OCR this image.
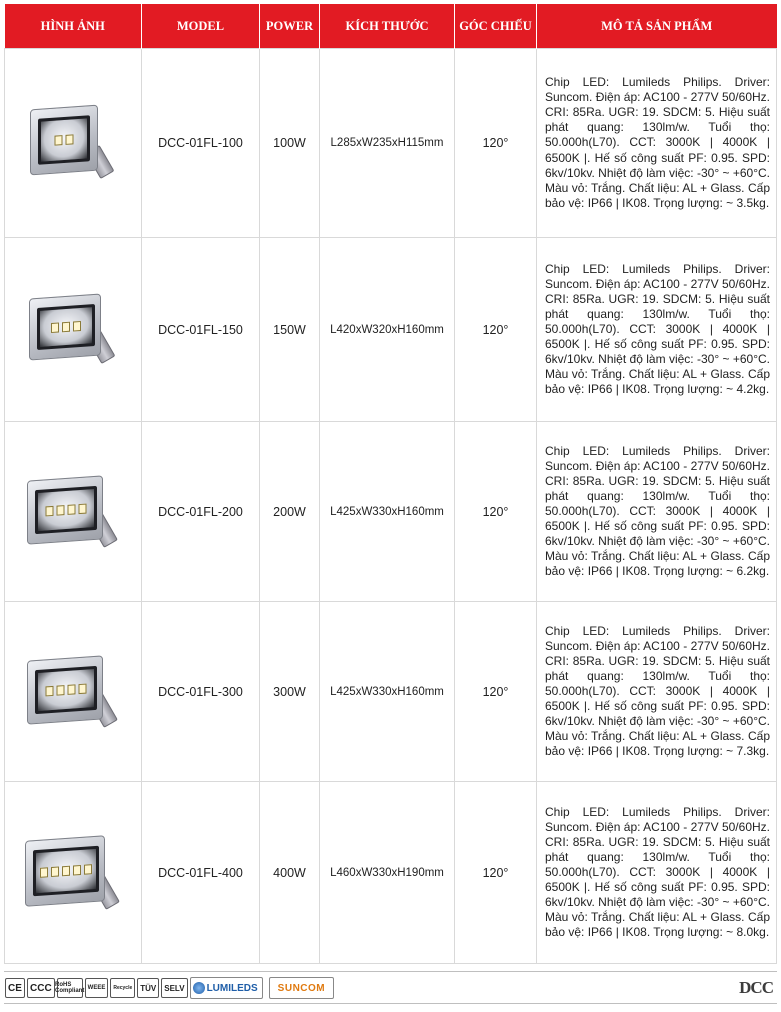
HÌNH ẢNH	MODEL	POWER	KÍCH THƯỚC	GÓC CHIẾU	MÔ TẢ SẢN PHẨM

	DCC-01FL-100	100W	L285xW235xH115mm	120°	Chip LED: Lumileds Philips. Driver: Suncom. Điện áp: AC100 - 277V 50/60Hz. CRI: 85Ra. UGR: 19. SDCM: 5. Hiệu suất phát quang: 130lm/w. Tuổi thọ: 50.000h(L70). CCT: 3000K | 4000K | 6500K |. Hế số công suất PF: 0.95. SPD: 6kv/10kv. Nhiệt độ làm việc: -30° ~ +60°C. Màu vỏ: Trắng. Chất liệu: AL + Glass. Cấp bảo vệ: IP66 | IK08. Trọng lượng: ~ 3.5kg.

	DCC-01FL-150	150W	L420xW320xH160mm	120°	Chip LED: Lumileds Philips. Driver: Suncom. Điện áp: AC100 - 277V 50/60Hz. CRI: 85Ra. UGR: 19. SDCM: 5. Hiệu suất phát quang: 130lm/w. Tuổi thọ: 50.000h(L70). CCT: 3000K | 4000K | 6500K |. Hế số công suất PF: 0.95. SPD: 6kv/10kv. Nhiệt độ làm việc: -30° ~ +60°C. Màu vỏ: Trắng. Chất liệu: AL + Glass. Cấp bảo vệ: IP66 | IK08. Trọng lượng: ~ 4.2kg.

	DCC-01FL-200	200W	L425xW330xH160mm	120°	Chip LED: Lumileds Philips. Driver: Suncom. Điện áp: AC100 - 277V 50/60Hz. CRI: 85Ra. UGR: 19. SDCM: 5. Hiệu suất phát quang: 130lm/w. Tuổi thọ: 50.000h(L70). CCT: 3000K | 4000K | 6500K |. Hế số công suất PF: 0.95. SPD: 6kv/10kv. Nhiệt độ làm việc: -30° ~ +60°C. Màu vỏ: Trắng. Chất liệu: AL + Glass. Cấp bảo vệ: IP66 | IK08. Trọng lượng: ~ 6.2kg.

	DCC-01FL-300	300W	L425xW330xH160mm	120°	Chip LED: Lumileds Philips. Driver: Suncom. Điện áp: AC100 - 277V 50/60Hz. CRI: 85Ra. UGR: 19. SDCM: 5. Hiệu suất phát quang: 130lm/w. Tuổi thọ: 50.000h(L70). CCT: 3000K | 4000K | 6500K |. Hế số công suất PF: 0.95. SPD: 6kv/10kv. Nhiệt độ làm việc: -30° ~ +60°C. Màu vỏ: Trắng. Chất liệu: AL + Glass. Cấp bảo vệ: IP66 | IK08. Trọng lượng: ~ 7.3kg.

	DCC-01FL-400	400W	L460xW330xH190mm	120°	Chip LED: Lumileds Philips. Driver: Suncom. Điện áp: AC100 - 277V 50/60Hz. CRI: 85Ra. UGR: 19. SDCM: 5. Hiệu suất phát quang: 130lm/w. Tuổi thọ: 50.000h(L70). CCT: 3000K | 4000K | 6500K |. Hế số công suất PF: 0.95. SPD: 6kv/10kv. Nhiệt độ làm việc: -30° ~ +60°C. Màu vỏ: Trắng. Chất liệu: AL + Glass. Cấp bảo vệ: IP66 | IK08. Trọng lượng: ~ 8.0kg.
CE CCC RoHS Compliant WEEE Recycle	TÜV	SELV	LUMILEDS	SUNCOM	DCC
